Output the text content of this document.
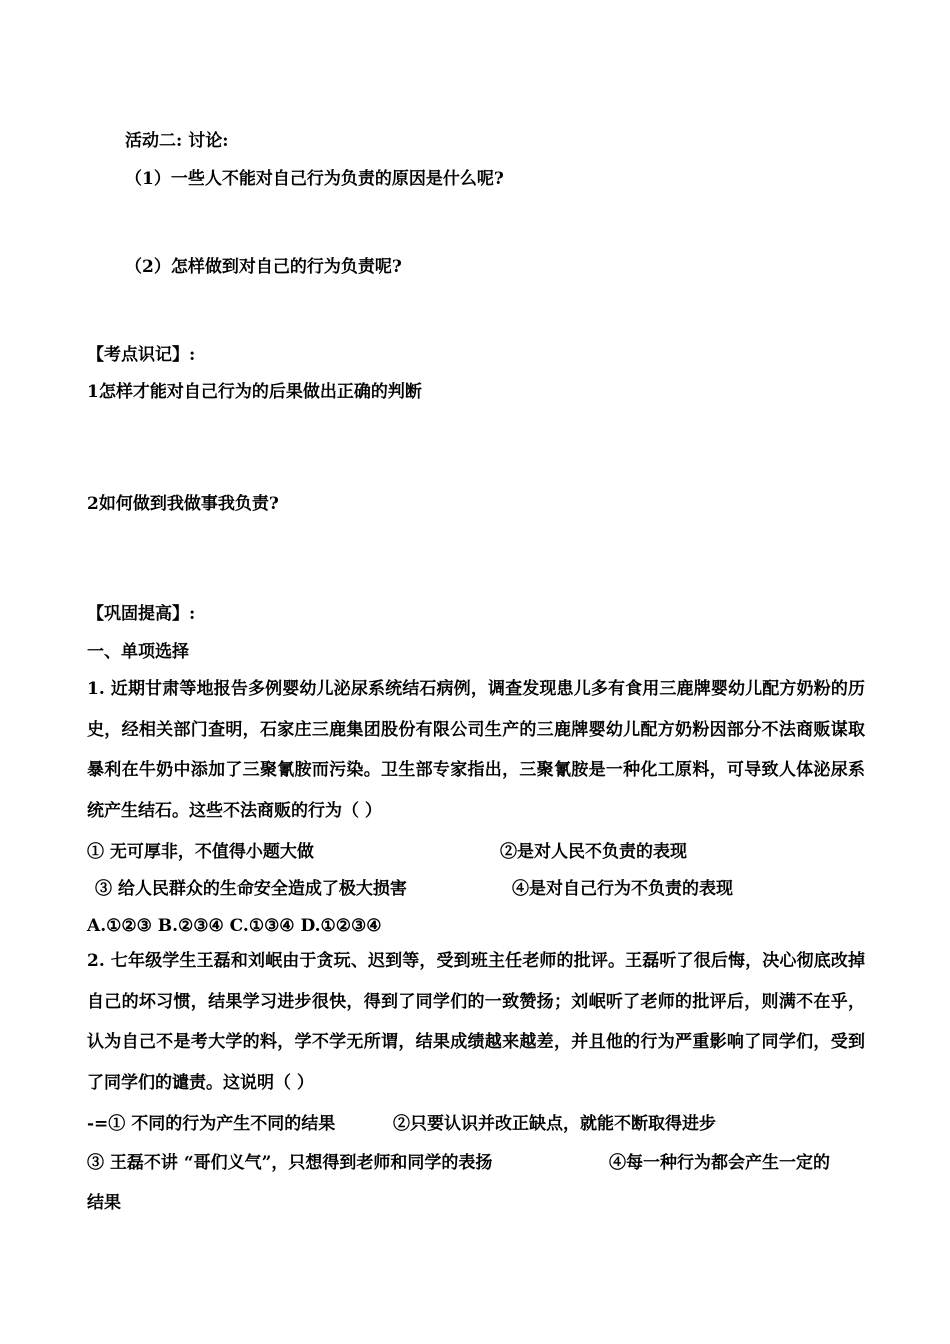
活动二: 讨论:
（1）一些人不能对自己行为负责的原因是什么呢?
（2）怎样做到对自己的行为负责呢?
【考点识记】:
1怎样才能对自己行为的后果做出正确的判断
2如何做到我做事我负责?
【巩固提高】:
一、单项选择
1. 近期甘肃等地报告多例婴幼儿泌尿系统结石病例，调查发现患儿多有食用三鹿牌婴幼儿配方奶粉的历史，经相关部门查明，石家庄三鹿集团股份有限公司生产的三鹿牌婴幼儿配方奶粉因部分不法商贩谋取暴利在牛奶中添加了三聚氰胺而污染。卫生部专家指出，三聚氰胺是一种化工原料，可导致人体泌尿系统产生结石。这些不法商贩的行为（ ）
① 无可厚非，不值得小题大做	②是对人民不负责的表现
③ 给人民群众的生命安全造成了极大损害	④是对自己行为不负责的表现
A.①②③ B.②③④ C.①③④ D.①②③④
2. 七年级学生王磊和刘岷由于贪玩、迟到等，受到班主任老师的批评。王磊听了很后悔，决心彻底改掉自己的坏习惯，结果学习进步很快，得到了同学们的一致赞扬；刘岷听了老师的批评后，则满不在乎，认为自己不是考大学的料，学不学无所谓，结果成绩越来越差，并且他的行为严重影响了同学们，受到了同学们的谴责。这说明（ ）
-=① 不同的行为产生不同的结果	②只要认识并改正缺点，就能不断取得进步
③ 王磊不讲 “哥们义气”，只想得到老师和同学的表扬	④每一种行为都会产生一定的
结果
